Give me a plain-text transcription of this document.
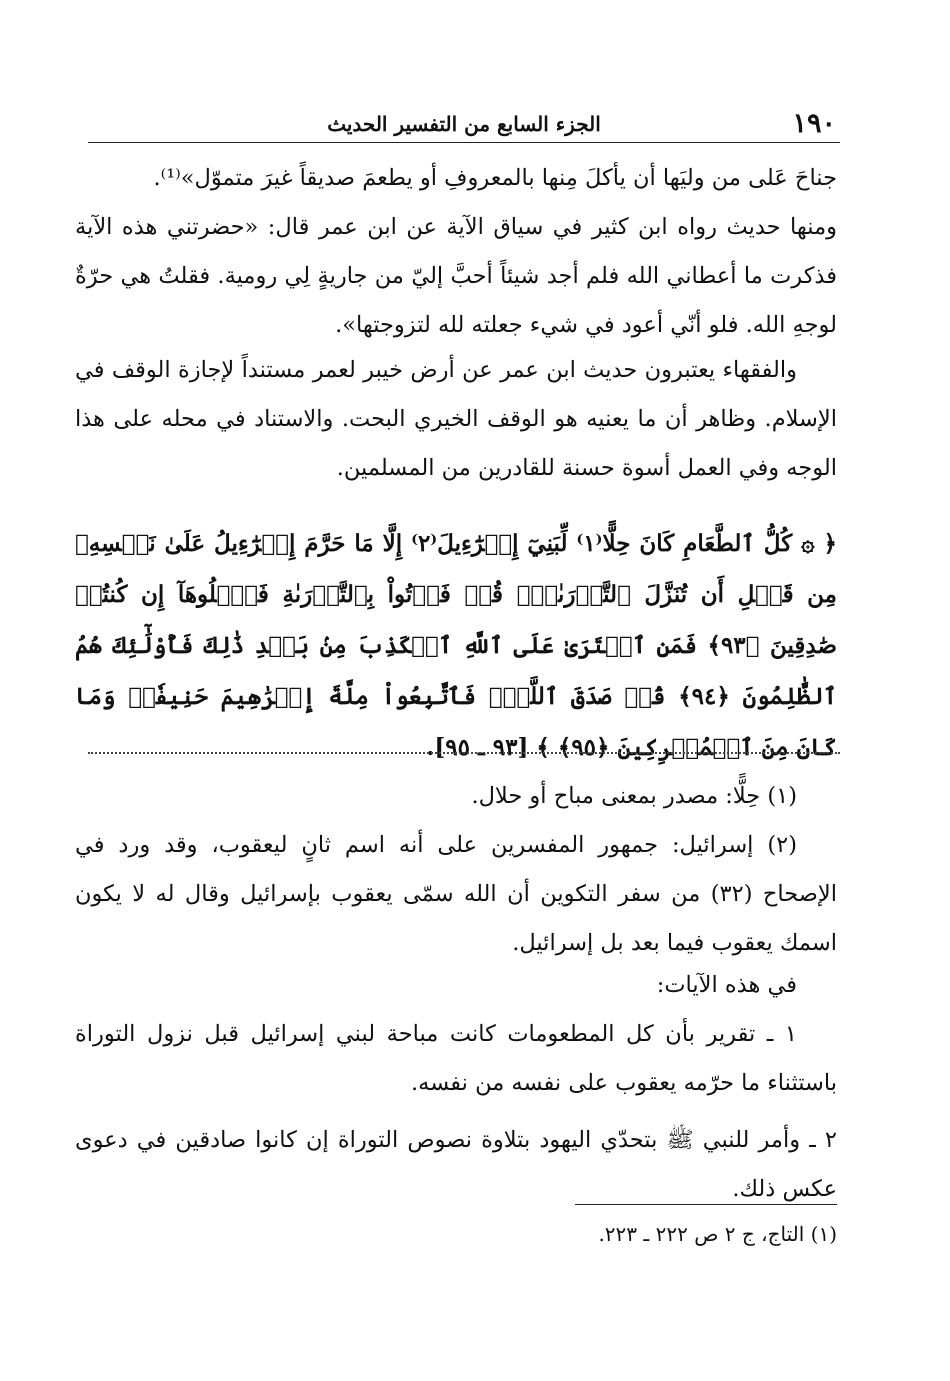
١٩٠
الجزء السابع من التفسير الحديث

جناحَ عَلى من وليَها أن يأكلَ مِنها بالمعروفِ أو يطعمَ صديقاً غيرَ متموّل»⁽¹⁾.

ومنها حديث رواه ابن كثير في سياق الآية عن ابن عمر قال: «حضرتني هذه الآية فذكرت ما أعطاني الله فلم أجد شيئاً أحبَّ إليّ من جاريةٍ لِي رومية. فقلتُ هي حرّةٌ لوجهِ الله. فلو أنّي أعود في شيء جعلته لله لتزوجتها».

والفقهاء يعتبرون حديث ابن عمر عن أرض خيبر لعمر مستنداً لإجازة الوقف في الإسلام. وظاهر أن ما يعنيه هو الوقف الخيري البحت. والاستناد في محله على هذا الوجه وفي العمل أسوة حسنة للقادرين من المسلمين.

﴿ ۞ كُلُّ ٱلطَّعَامِ كَانَ حِلًّا⁽١⁾ لِّبَنِيٓ إِسۡرَٰٓءِيلَ⁽٢⁾ إِلَّا مَا حَرَّمَ إِسۡرَٰٓءِيلُ عَلَىٰ نَفۡسِهِۦ مِن قَبۡلِ أَن تُنَزَّلَ ٱلتَّوۡرَىٰةُۚ قُلۡ فَأۡتُواْ بِٱلتَّوۡرَىٰةِ فَٱتۡلُوهَآ إِن كُنتُمۡ صَٰدِقِينَ ﴿٩٣﴾ فَمَنِ ٱفۡتَرَىٰ عَلَى ٱللَّهِ ٱلۡكَذِبَ مِنۢ بَعۡدِ ذَٰلِكَ فَأُوْلَٰٓئِكَ هُمُ ٱلظَّٰلِمُونَ ﴿٩٤﴾ قُلۡ صَدَقَ ٱللَّهُۗ فَٱتَّبِعُواْ مِلَّةَ إِبۡرَٰهِيمَ حَنِيفٗاۖ وَمَا كَانَ مِنَ ٱلۡمُشۡرِكِينَ ﴿٩٥﴾ ﴾ [٩٣ ـ ٩٥].

(١) حِلًّا: مصدر بمعنى مباح أو حلال.

(٢) إسرائيل: جمهور المفسرين على أنه اسم ثانٍ ليعقوب، وقد ورد في الإصحاح (٣٢) من سفر التكوين أن الله سمّى يعقوب بإسرائيل وقال له لا يكون اسمك يعقوب فيما بعد بل إسرائيل.

في هذه الآيات:

١ ـ تقرير بأن كل المطعومات كانت مباحة لبني إسرائيل قبل نزول التوراة باستثناء ما حرّمه يعقوب على نفسه من نفسه.

٢ ـ وأمر للنبي ﷺ بتحدّي اليهود بتلاوة نصوص التوراة إن كانوا صادقين في دعوى عكس ذلك.

(١) التاج، ج ٢ ص ٢٢٢ ـ ٢٢٣.
